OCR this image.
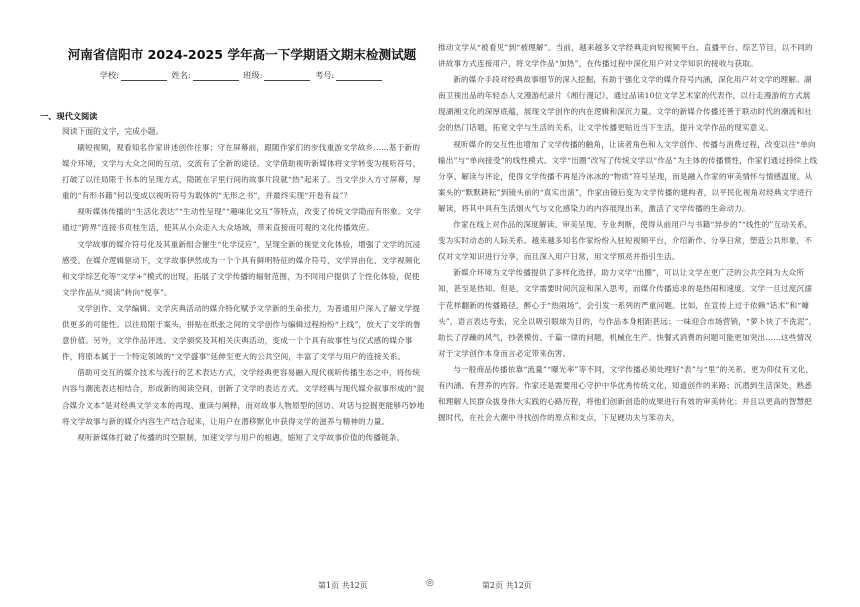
河南省信阳市 2024-2025 学年高一下学期语文期末检测试题
学校:	姓名:	班级:	考号:
一、现代文阅读
阅读下面的文字，完成小题。

刷短视频，观看知名作家讲述创作往事；守在屏幕前，跟随作家们的步伐重游文学故乡……基于新的媒介环境，文学与大众之间的互动、交流有了全新的途径。文学借助视听新媒体将文学转变为视听符号，打破了以往局限于书本的呈现方式，隐匿在字里行间的故事片段就“热”起来了。当文学步入方寸屏幕，厚重的“有形书籍”何以变成以视听符号为载体的“无形之书”，并最终实现“开卷有益”？

视听媒体传播的“生活化表达”“生动性呈现”“趣味化交互”等特点，改变了传统文学隐而有形象。文学通过“跨界”连接书页桂生活，使其从小众走入大众场域，带来直接而可观的文化传播效应。

文学故事的媒介符号化及其重新组合催生“化学反应”，呈现全新的视觉文化体验，增强了文学的沉浸感受。在媒介逻辑驱动下，文学故事伊然成为一个个具有鲜明特征的媒介符号，文学异由化、文学视频化和文学综艺化等“文学+”模式的出现，拓展了文学传播的辐射范围，为不同用户提供了个性化体验，促使文学作品从“阅读”转向“悦享”。

文学创作、文学编辑、文学庆典活动的媒介特化赋予文学新的生命张力，为普通用户深入了解文学提供更多的可能性。以往局限于案头，拼贴在纸张之间的文学创作与编辑过程纷纷“上线”，放大了文学的鲁意价值。另外，文学作品评选、文学颁奖及其相关庆典活动，变成一个个具有故事性与仪式感的媒介事件，将原本属于一个特定领域的“文学盛事”延伸至更大的公共空间，丰富了文学与用户的连接关系。

借助可交互的媒介技术与流行的艺术表达方式，文学经典更容易融入现代视听传播生态之中，将传统内容与潮流表达相结合，形成新的阅读空间，创新了文学的表达方式。文学经典与现代媒介叙事形成的“混合媒介文本”是对经典文学文本的再现、重读与阐释，而对故事人物原型的回访、对话与挖掘更能够巧妙地将文学故事与新的媒介内容生产结合起来，让用户在潜移默化中获得文学的滋养与精神的力量。

视听新媒体打破了传播的时空限制，加速文学与用户的相遇，缩短了文学故事价值的传播链条，

推动文学从“被看见”到“被理解”。当前，越来越多文学经典走向短视频平台、直播平台、综艺节目，以不同的讲故事方式连接用户，将文学作品“加热”，在传播过程中深化用户对文学知识的接收与获取。

新的媒介手段对经典故事细节的深入挖掘，有助于强化文学的媒介符号内涵，深化用户对文学的理解。湖南卫视出品的年轻态人文漫游纪录片《湘行漫记》，通过品读10位文学艺术家的代表作，以行走漫游的方式展现湖湘文化的深厚底蕴，展现文学创作的内在逻辑和深沉力量。文学的新媒介传播还善于联动时代的潮流和社会的热门话题，拓宽文学与生活的关系，让文学传播更贴近当下生活，提升文学作品的现实意义。

视听媒介的交互性也增加了文学传播的触角，让读者角色和入文学创作、传播与消费过程，改变以往“单向输出”与“单向接受”的线性模式。文学“出圈”改写了传统文学以“作品”为主体的传播惯性，作家们通过持续上线分享、解读与评论，使得文学传播不再是冷冰冰的“物质”符号呈现，而是融入作家的审美情怀与情感温度。从案头的“默默耕耘”到镜头前的“真实出演”，作家由镜后变为文学传播的建构者，以平民化视角对经典文学进行解读，将其中具有生活烟火气与文化感染力的内容展现出来，激活了文学传播的生命动力。

作家在线上对作品的深度解读、审美呈现、专业判断，使得从前用户与书籍“异步的”“线性的”互动关系，变为实时动态的人际关系。越来越多知名作家纷纷入驻短视频平台，介绍新作、分享日常，塑造公共形象，不仅对文学知识进行分享，而且深入用户日常，用文学照亮并指引生活。

新媒介环境为文学传播提供了多样化选择，助力文学“出圈”，可以让文学在更广泛的公共空间为大众所知，甚至是热知。但是，文学需要时间沉淀和深入思考，而媒介传播追求的是热闹和速度。文学一旦过度沉溺于花样翻新的传播路径，醉心于“热闹场”，会引发一系列的严重问题。比如，在宣传上过于依赖“话术”和“噱头”，语言表达夸张，完全以吸引眼球为目的，与作品本身相距甚远；一味迎合市场营销，“萝卜快了不洗泥”，助长了浮躁的风气，抄袭模仿、千篇一律的问题，机械化生产、快餐式消费的问题可能更加突出……这些情况对于文学创作本身而言必定带来伤害。

与一般商品传播依靠“流量”“曝光率”等不同，文学传播必须处理好“表”与“里”的关系，更为仰仗有文化、有内涵、有营养的内容。作家还是需要用心守护中华优秀传统文化，知道创作的来路；沉潜到生活深处，熟悉和理解人民群众拔身伟大实践的心路历程，将他们创新创造的成果进行有效的审美转化；并且以更高的智慧把握时代，在社会大潮中寻找创作的原点和支点，下足硬功夫与笨功夫，

第1页 共12页	◎	第2页 共12页
